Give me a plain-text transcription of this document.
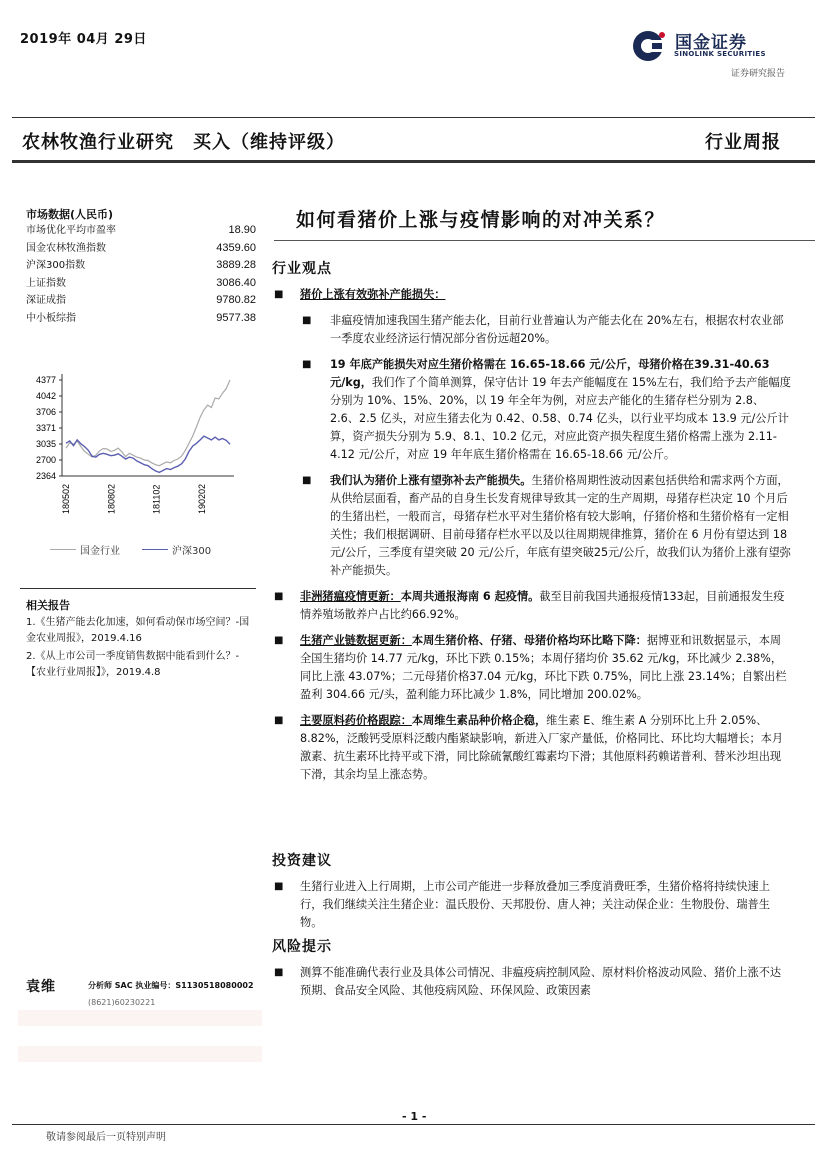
2019年 04月 29日	国金证券
SINOLINK SECURITIES
证券研究报告
农林牧渔行业研究　买入（维持评级）	行业周报
市场数据(人民币)
市场优化平均市盈率	18.90
国金农林牧渔指数	4359.60
沪深300指数	3889.28
上证指数	3086.40
深证成指	9780.82
中小板综指	9577.38
4377
4042
3706
3371
3035
2700
2364
180502	180802	181102	190202
国金行业	沪深300
相关报告
1.《生猪产能去化加速，如何看动保市场空间？-国金农业周报》，2019.4.16
2.《从上市公司一季度销售数据中能看到什么？-【农业行业周报】》，2019.4.8
袁维	分析师 SAC 执业编号：S1130518080002
(8621)60230221
如何看猪价上涨与疫情影响的对冲关系？
行业观点
■ 猪价上涨有效弥补产能损失：
■ 非瘟疫情加速我国生猪产能去化，目前行业普遍认为产能去化在 20%左右，根据农村农业部一季度农业经济运行情况部分省份远超20%。
■ 19 年底产能损失对应生猪价格需在 16.65-18.66 元/公斤，母猪价格在39.31-40.63 元/kg，我们作了个简单测算，保守估计 19 年去产能幅度在 15%左右，我们给予去产能幅度分别为 10%、15%、20%，以 19 年全年为例，对应去产能化的生猪存栏分别为 2.8、2.6、2.5 亿头，对应生猪去化为 0.42、0.58、0.74 亿头，以行业平均成本 13.9 元/公斤计算，资产损失分别为 5.9、8.1、10.2 亿元，对应此资产损失程度生猪价格需上涨为 2.11-4.12 元/公斤，对应 19 年年底生猪价格需在 16.65-18.66 元/公斤。
■ 我们认为猪价上涨有望弥补去产能损失。生猪价格周期性波动因素包括供给和需求两个方面，从供给层面看，畜产品的自身生长发育规律导致其一定的生产周期，母猪存栏决定 10 个月后的生猪出栏，一般而言，母猪存栏水平对生猪价格有较大影响，仔猪价格和生猪价格有一定相关性；我们根据调研、目前母猪存栏水平以及以往周期规律推算，猪价在 6 月份有望达到 18 元/公斤，三季度有望突破 20 元/公斤，年底有望突破25元/公斤，故我们认为猪价上涨有望弥补产能损失。
■ 非洲猪瘟疫情更新：本周共通报海南 6 起疫情。截至目前我国共通报疫情133起，目前通报发生疫情养殖场散养户占比约66.92%。
■ 生猪产业链数据更新：本周生猪价格、仔猪、母猪价格均环比略下降：据博亚和讯数据显示，本周全国生猪均价 14.77 元/kg，环比下跌 0.15%；本周仔猪均价 35.62 元/kg，环比减少 2.38%，同比上涨 43.07%；二元母猪价格37.04 元/kg，环比下跌 0.75%，同比上涨 23.14%；自繁出栏盈利 304.66 元/头，盈利能力环比减少 1.8%，同比增加 200.02%。
■ 主要原料药价格跟踪：本周维生素品种价格企稳，维生素 E、维生素 A 分别环比上升 2.05%、8.82%，泛酸钙受原料泛酸内酯紧缺影响，新进入厂家产量低，价格同比、环比均大幅增长；本月激素、抗生素环比持平或下滑，同比除硫氰酸红霉素均下滑；其他原料药赖诺普利、替米沙坦出现下滑，其余均呈上涨态势。
投资建议
■ 生猪行业进入上行周期，上市公司产能进一步释放叠加三季度消费旺季，生猪价格将持续快速上行，我们继续关注生猪企业：温氏股份、天邦股份、唐人神；关注动保企业：生物股份、瑞普生物。
风险提示
■ 测算不能准确代表行业及具体公司情况、非瘟疫病控制风险、原材料价格波动风险、猪价上涨不达预期、食品安全风险、其他疫病风险、环保风险、政策因素
- 1 -
敬请参阅最后一页特别声明
